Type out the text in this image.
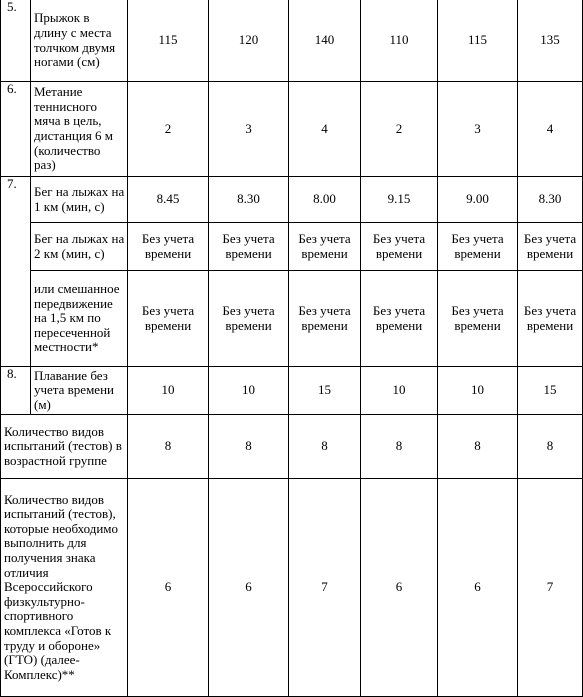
5.	Прыжок в длину с места толчком двумя ногами (см)	115	120	140	110	115	135
6.	Метание теннисного мяча в цель, дистанция 6 м (количество раз)	2	3	4	2	3	4
7.	Бег на лыжах на 1 км (мин, с)	8.45	8.30	8.00	9.15	9.00	8.30
	Бег на лыжах на 2 км (мин, с)	Без учета времени	Без учета времени	Без учета времени	Без учета времени	Без учета времени	Без учета времени
	или смешанное передвижение на 1,5 км по пересеченной местности*	Без учета времени	Без учета времени	Без учета времени	Без учета времени	Без учета времени	Без учета времени
8.	Плавание без учета времени (м)	10	10	15	10	10	15
Количество видов испытаний (тестов) в возрастной группе		8	8	8	8	8	8
Количество видов испытаний (тестов), которые необходимо выполнить для получения знака отличия Всероссийского физкультурно-спортивного комплекса «Готов к труду и обороне» (ГТО) (далее- Комплекс)**		6	6	7	6	6	7
